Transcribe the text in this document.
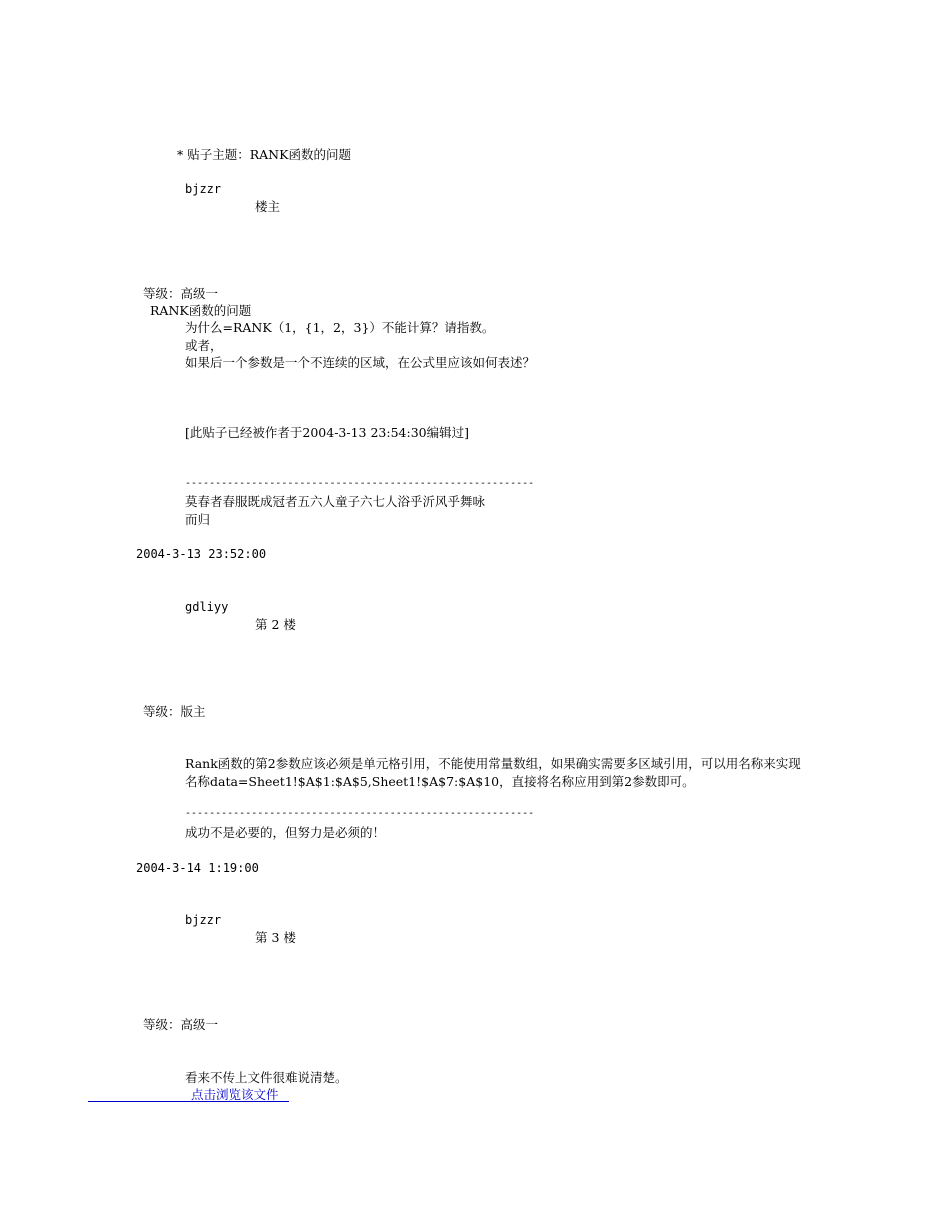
* 贴子主题：RANK函数的问题
bjzzr
楼主
等级：高级一
RANK函数的问题
为什么=RANK（1，{1，2，3}）不能计算？请指教。
或者，
如果后一个参数是一个不连续的区域，在公式里应该如何表述？
[此贴子已经被作者于2004-3-13 23:54:30编辑过]
----------------------------------------------------------
莫春者春服既成冠者五六人童子六七人浴乎沂风乎舞咏
而归
2004-3-13 23:52:00
gdliyy
第 2 楼
等级：版主
Rank函数的第2参数应该必须是单元格引用，不能使用常量数组，如果确实需要多区域引用，可以用名称来实现
名称data=Sheet1!$A$1:$A$5,Sheet1!$A$7:$A$10，直接将名称应用到第2参数即可。
----------------------------------------------------------
成功不是必要的，但努力是必须的！
2004-3-14 1:19:00
bjzzr
第 3 楼
等级：高级一
看来不传上文件很难说清楚。
点击浏览该文件
